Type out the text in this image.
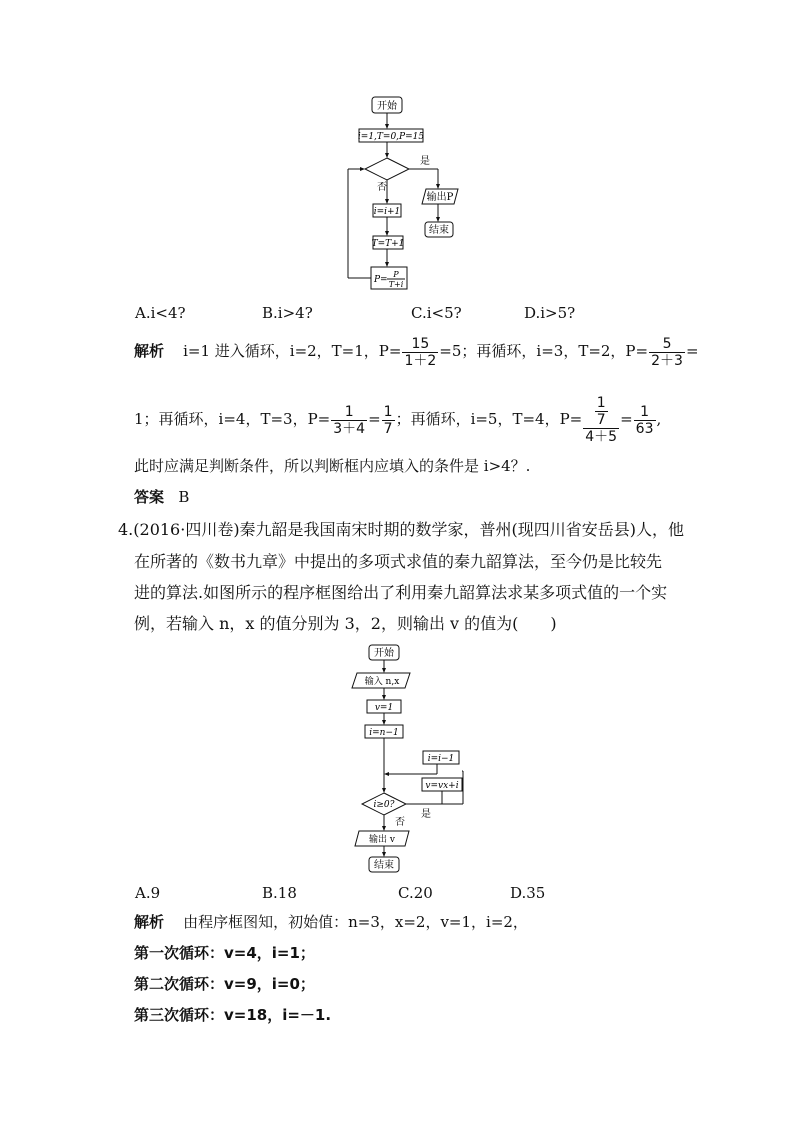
开始
i=1,T=0,P=15
是
输出P
结束
否
i=i+1
T=T+1
P=
P
T+i
A.i<4?	B.i>4?	C.i<5?	D.i>5?
解析 i=1 进入循环，i=2，T=1，$P= \frac{15}{1+2} =5$；再循环，i=3，T=2，$P= \frac{5}{2+3}$ =
1；再循环，i=4，T=3，$P= \frac{1}{3+4} = \frac{1}{7}$ ；再循环，i=5，T=4，$P= \frac{\frac{1}{7}}{4+5} = \frac{1}{63}$ ,
此时应满足判断条件，所以判断框内应填入的条件是 i>4？.
答案 B
4.(2016·四川卷)秦九韶是我国南宋时期的数学家，普州(现四川省安岳县)人，他
在所著的《数书九章》中提出的多项式求值的秦九韶算法，至今仍是比较先
进的算法.如图所示的程序框图给出了利用秦九韶算法求某多项式值的一个实
例，若输入 n，x 的值分别为 3，2，则输出 v 的值为(　　)
开始
输入 n,x
v=1
i=n−1
i=i−1
v=vx+i
i≥0?
是
否
输出 v
结束
A.9	B.18	C.20	D.35
解析 由程序框图知，初始值：n=3，x=2，v=1，i=2，
第一次循环：v=4，i=1；
第二次循环：v=9，i=0；
第三次循环：v=18，i=－1.
